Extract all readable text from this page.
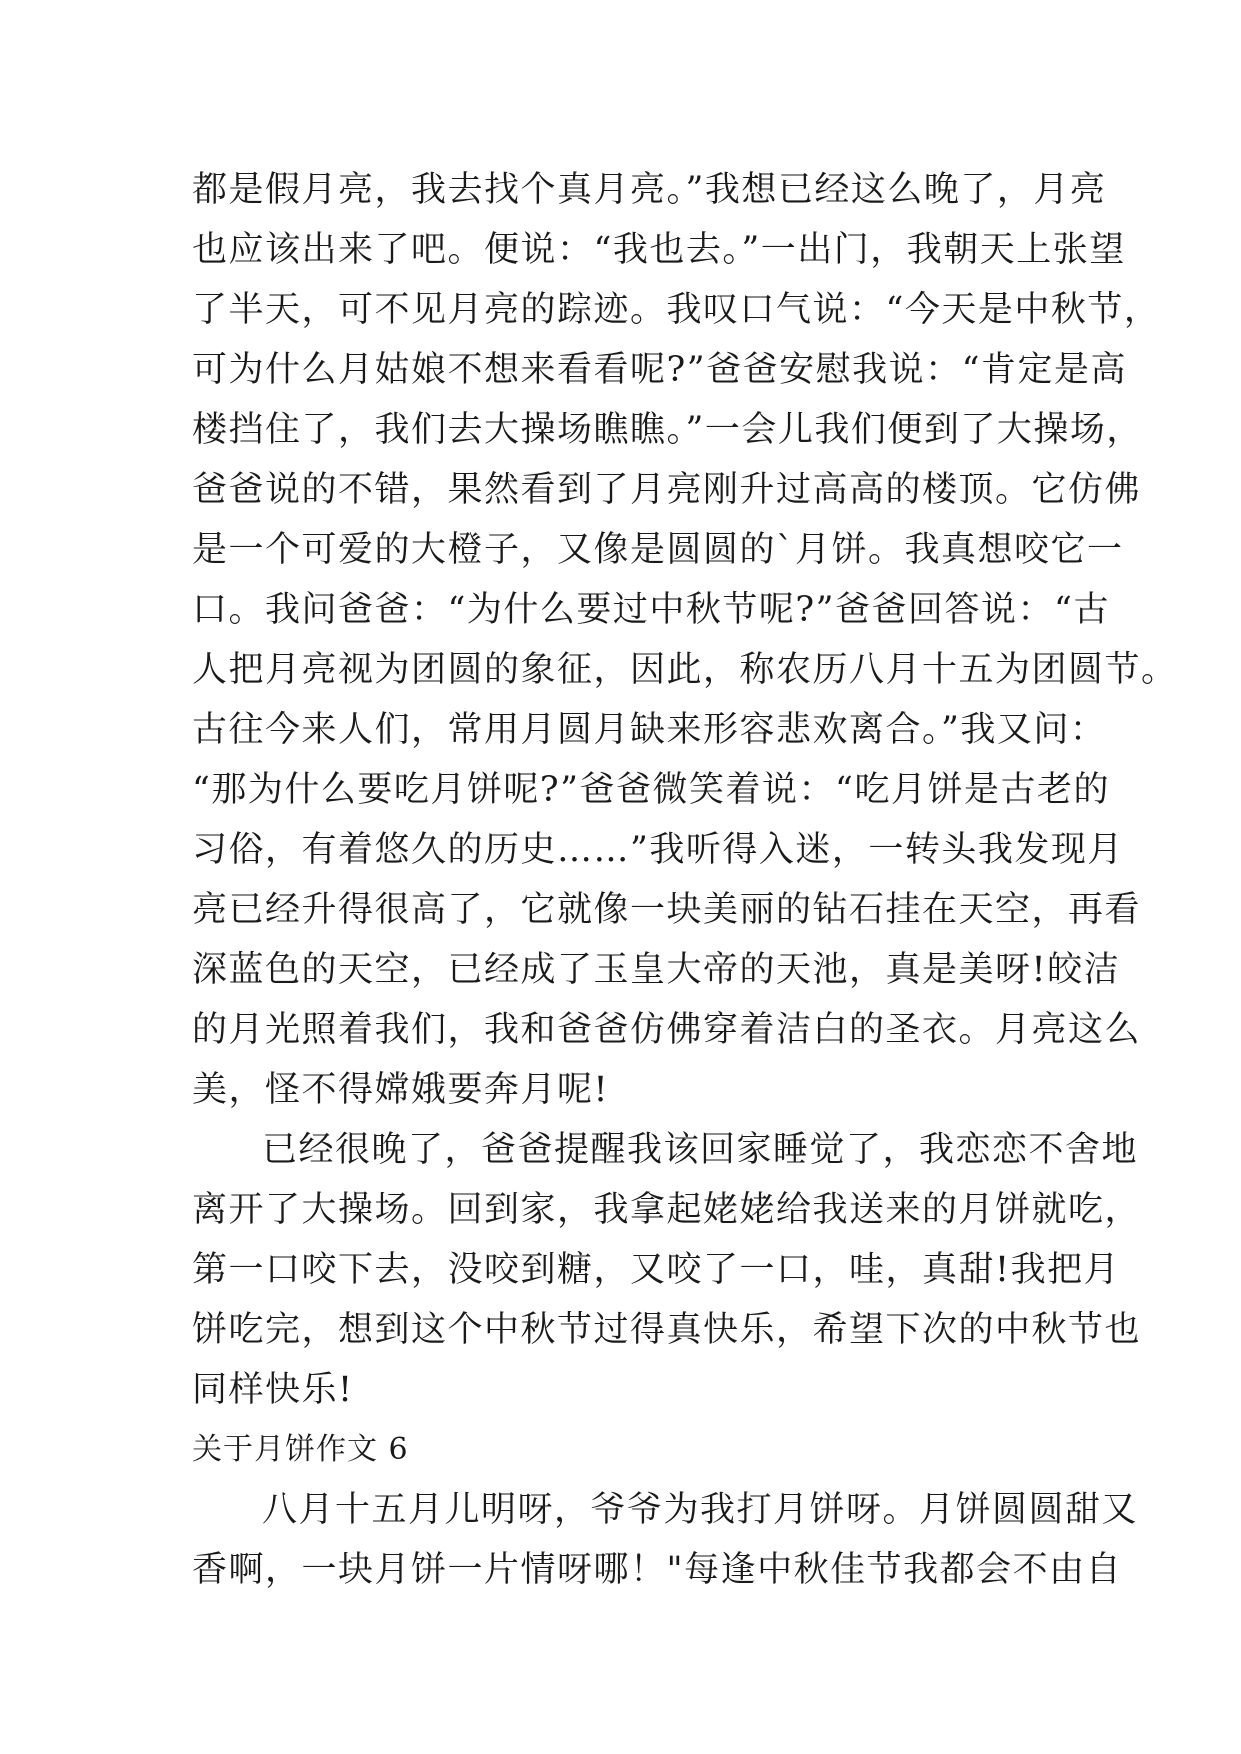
都是假月亮，我去找个真月亮。”我想已经这么晚了，月亮
也应该出来了吧。便说：“我也去。”一出门，我朝天上张望
了半天，可不见月亮的踪迹。我叹口气说：“今天是中秋节，
可为什么月姑娘不想来看看呢?”爸爸安慰我说：“肯定是高
楼挡住了，我们去大操场瞧瞧。”一会儿我们便到了大操场，
爸爸说的不错，果然看到了月亮刚升过高高的楼顶。它仿佛
是一个可爱的大橙子，又像是圆圆的`月饼。我真想咬它一
口。我问爸爸：“为什么要过中秋节呢?”爸爸回答说：“古
人把月亮视为团圆的象征，因此，称农历八月十五为团圆节。
古往今来人们，常用月圆月缺来形容悲欢离合。”我又问：
“那为什么要吃月饼呢?”爸爸微笑着说：“吃月饼是古老的
习俗，有着悠久的历史……”我听得入迷，一转头我发现月
亮已经升得很高了，它就像一块美丽的钻石挂在天空，再看
深蓝色的天空，已经成了玉皇大帝的天池，真是美呀!皎洁
的月光照着我们，我和爸爸仿佛穿着洁白的圣衣。月亮这么
美，怪不得嫦娥要奔月呢!
已经很晚了，爸爸提醒我该回家睡觉了，我恋恋不舍地
离开了大操场。回到家，我拿起姥姥给我送来的月饼就吃，
第一口咬下去，没咬到糖，又咬了一口，哇，真甜!我把月
饼吃完，想到这个中秋节过得真快乐，希望下次的中秋节也
同样快乐!
关于月饼作文 6
八月十五月儿明呀，爷爷为我打月饼呀。月饼圆圆甜又
香啊，一块月饼一片情呀哪！"每逢中秋佳节我都会不由自
